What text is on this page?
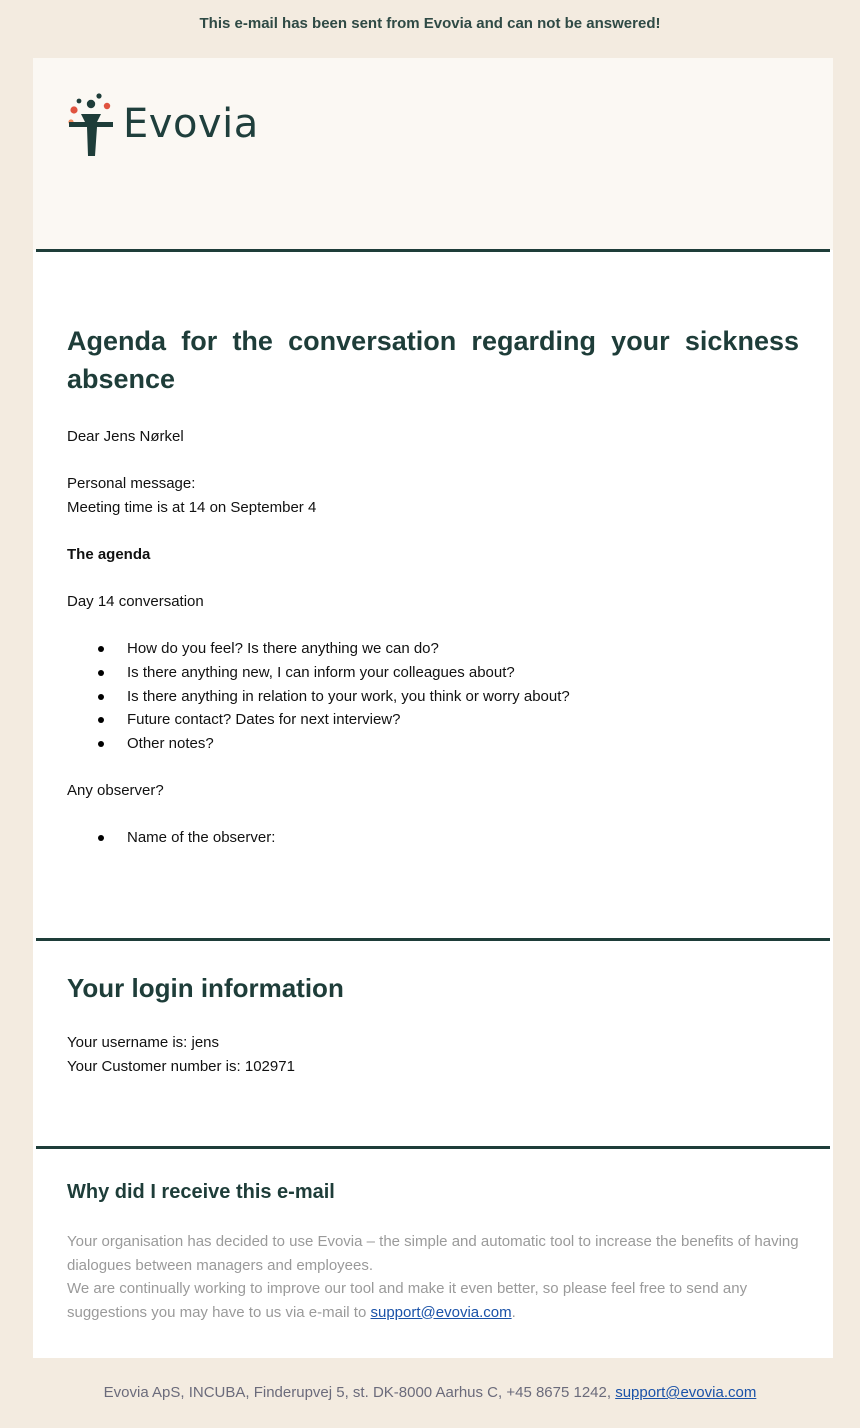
This e-mail has been sent from Evovia and can not be answered!
Evovia
Agenda for the conversation regarding your sickness absence

Dear Jens Nørkel

Personal message:

Meeting time is at 14 on September 4

The agenda

Day 14 conversation

How do you feel? Is there anything we can do?
Is there anything new, I can inform your colleagues about?
Is there anything in relation to your work, you think or worry about?
Future contact? Dates for next interview?
Other notes?

Any observer?

Name of the observer:
Your login information

Your username is: jens

Your Customer number is: 102971

Why did I receive this e-mail

Your organisation has decided to use Evovia – the simple and automatic tool to increase the benefits of having dialogues between managers and employees.

We are continually working to improve our tool and make it even better, so please feel free to send any suggestions you may have to us via e-mail to support@evovia.com.

Evovia ApS, INCUBA, Finderupvej 5, st. DK-8000 Aarhus C, +45 8675 1242, support@evovia.com
